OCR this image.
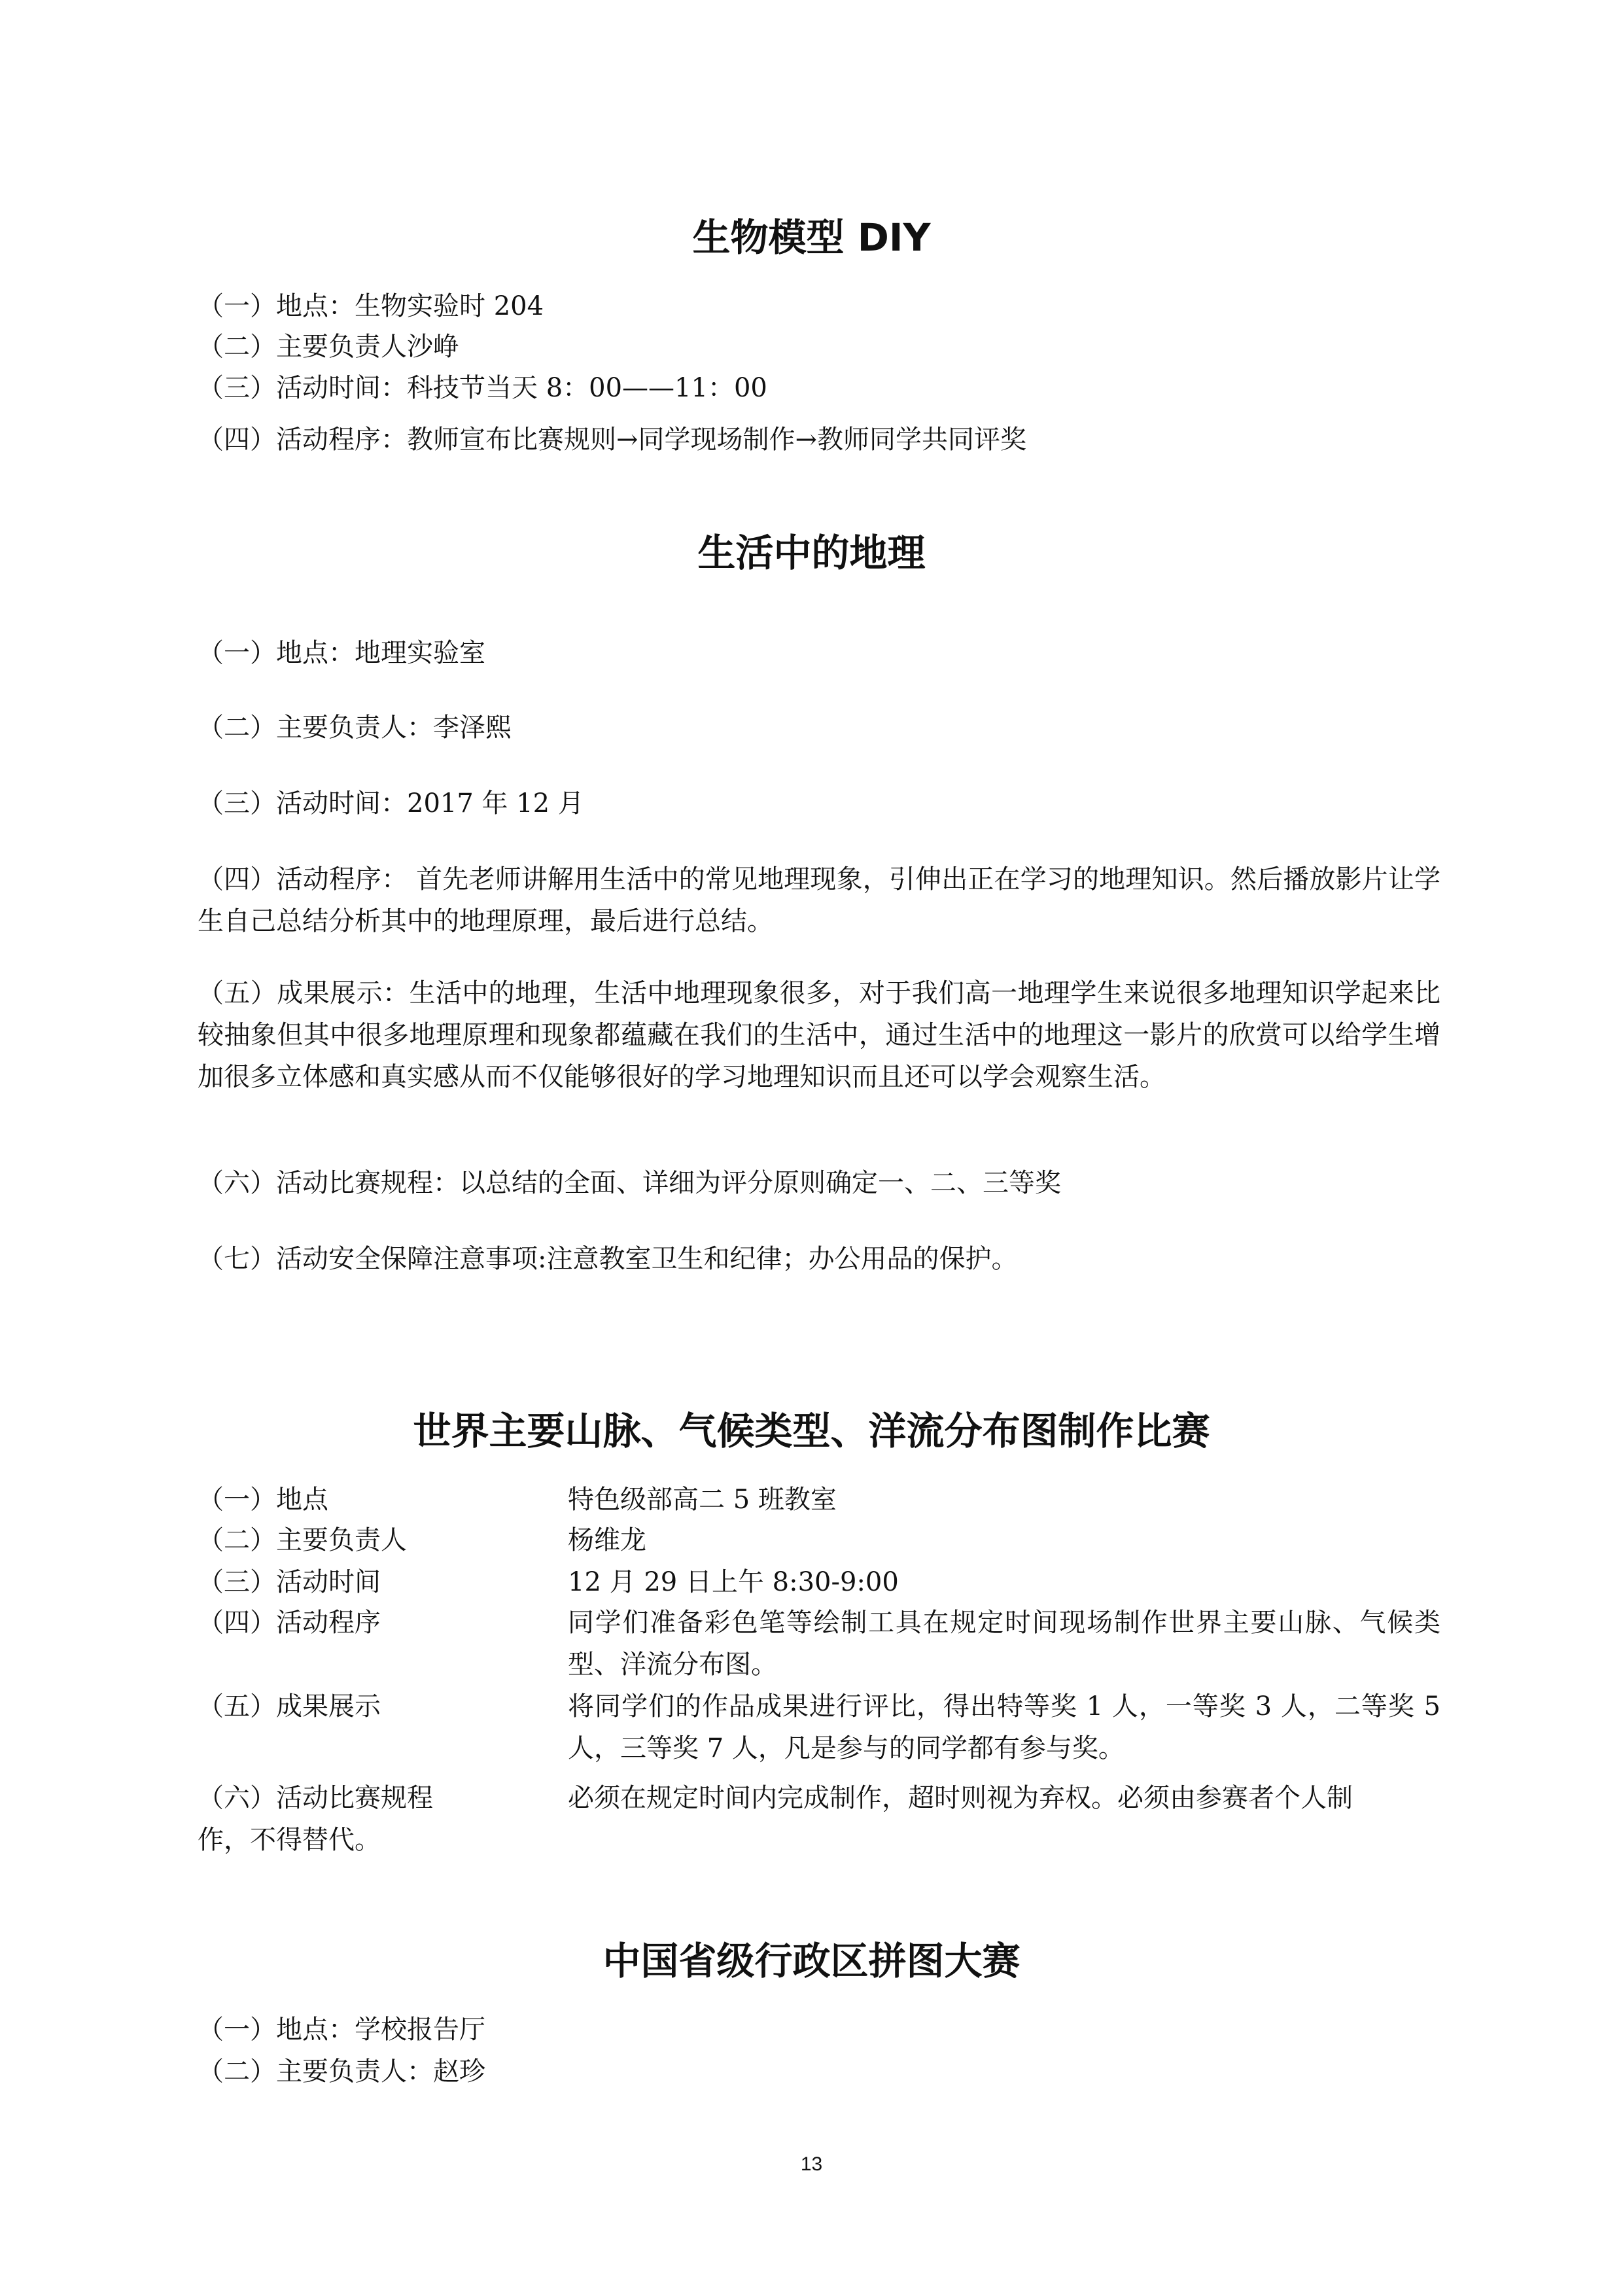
生物模型 DIY
（一）地点：生物实验时 204
（二）主要负责人沙峥
（三）活动时间：科技节当天 8：00——11：00
（四）活动程序：教师宣布比赛规则→同学现场制作→教师同学共同评奖
生活中的地理
（一）地点：地理实验室
（二）主要负责人：李泽熙
（三）活动时间：2017 年 12 月
（四）活动程序： 首先老师讲解用生活中的常见地理现象，引伸出正在学习的地理知识。然后播放影片让学生自己总结分析其中的地理原理，最后进行总结。
（五）成果展示：生活中的地理，生活中地理现象很多，对于我们高一地理学生来说很多地理知识学起来比较抽象但其中很多地理原理和现象都蕴藏在我们的生活中，通过生活中的地理这一影片的欣赏可以给学生增加很多立体感和真实感从而不仅能够很好的学习地理知识而且还可以学会观察生活。
（六）活动比赛规程：以总结的全面、详细为评分原则确定一、二、三等奖
（七）活动安全保障注意事项:注意教室卫生和纪律；办公用品的保护。
世界主要山脉、气候类型、洋流分布图制作比赛
（一）地点	特色级部高二 5 班教室
（二）主要负责人	杨维龙
（三）活动时间	12 月 29 日上午 8:30-9:00
（四）活动程序	同学们准备彩色笔等绘制工具在规定时间现场制作世界主要山脉、气候类型、洋流分布图。
（五）成果展示	将同学们的作品成果进行评比，得出特等奖 1 人，一等奖 3 人，二等奖 5 人，三等奖 7 人，凡是参与的同学都有参与奖。
（六）活动比赛规程	必须在规定时间内完成制作，超时则视为弃权。必须由参赛者个人制
作，不得替代。
中国省级行政区拼图大赛
（一）地点：学校报告厅
（二）主要负责人：赵珍
13
